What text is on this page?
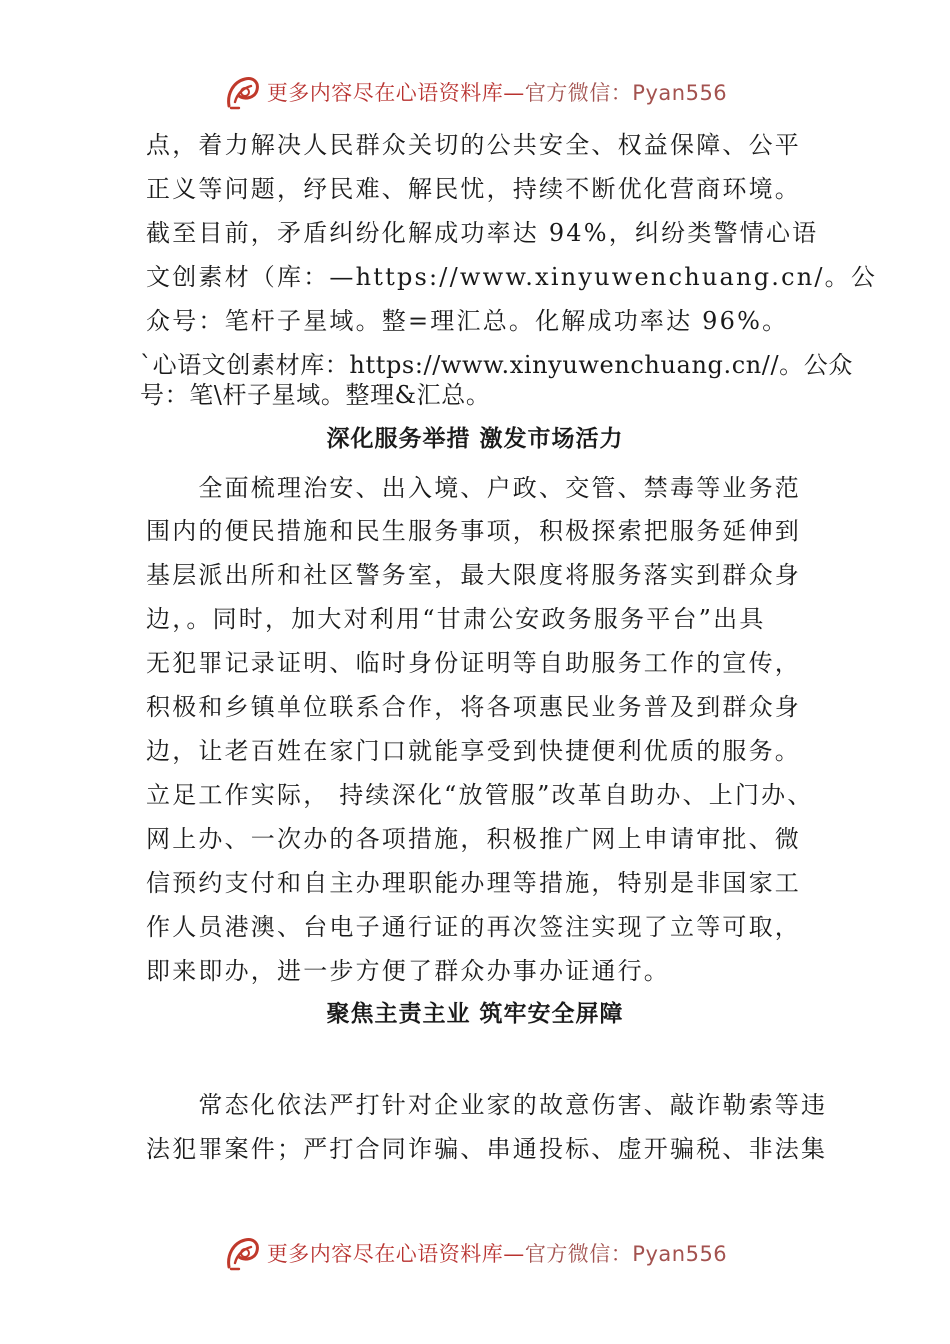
更多内容尽在心语资料库—官方微信：Pyan556
点，着力解决人民群众关切的公共安全、权益保障、公平
正义等问题，纾民难、解民忧，持续不断优化营商环境。
截至目前，矛盾纠纷化解成功率达 94%，纠纷类警情心语
文创素材（库：—https://www.xinyuwenchuang.cn/。公
众号：笔杆子星域。整=理汇总。化解成功率达 96%。
`心语文创素材库：https://www.xinyuwenchuang.cn//。公众
号：笔\杆子星域。整理&汇总。
深化服务举措 激发市场活力
　　全面梳理治安、出入境、户政、交管、禁毒等业务范
围内的便民措施和民生服务事项，积极探索把服务延伸到
基层派出所和社区警务室，最大限度将服务落实到群众身
边，。同时，加大对利用“甘肃公安政务服务平台”出具
无犯罪记录证明、临时身份证明等自助服务工作的宣传，
积极和乡镇单位联系合作，将各项惠民业务普及到群众身
边，让老百姓在家门口就能享受到快捷便利优质的服务。
立足工作实际， 持续深化“放管服”改革自助办、上门办、
网上办、一次办的各项措施，积极推广网上申请审批、微
信预约支付和自主办理职能办理等措施，特别是非国家工
作人员港澳、台电子通行证的再次签注实现了立等可取，
即来即办，进一步方便了群众办事办证通行。
聚焦主责主业 筑牢安全屏障
　　常态化依法严打针对企业家的故意伤害、敲诈勒索等违
法犯罪案件；严打合同诈骗、串通投标、虚开骗税、非法集
更多内容尽在心语资料库—官方微信：Pyan556
